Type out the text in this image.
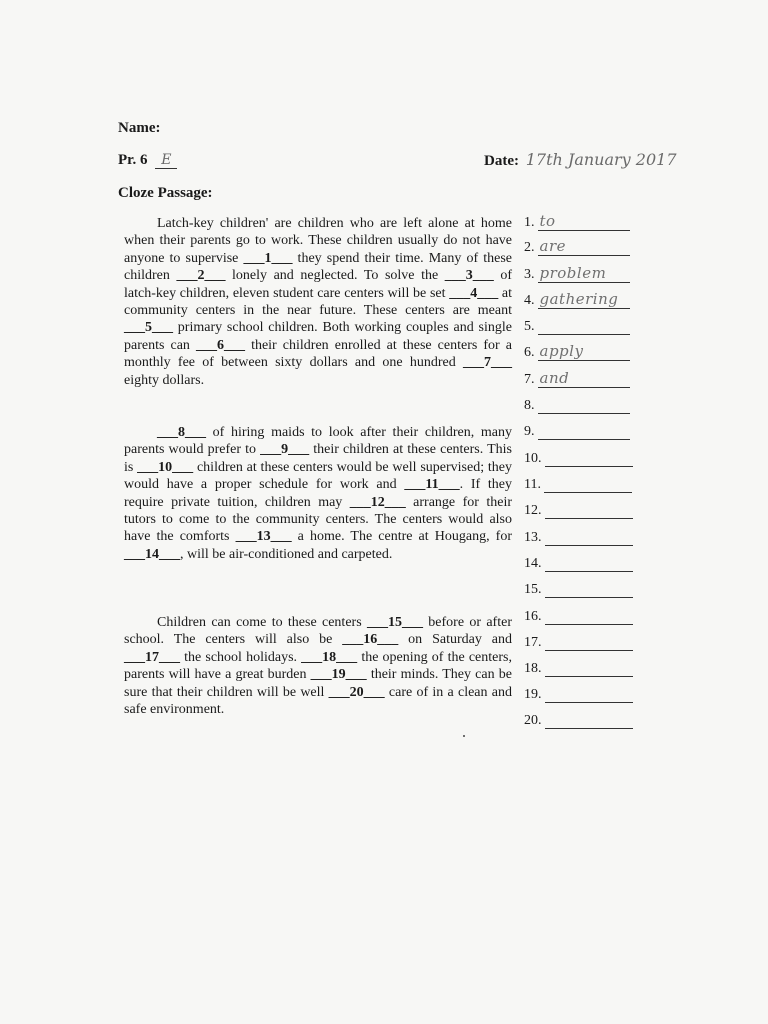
Name:
Pr. 6 E	Date: 17th January 2017
Cloze Passage:

Latch-key children' are children who are left alone at home when their parents go to work. These children usually do not have anyone to supervise ___1___ they spend their time. Many of these children ___2___ lonely and neglected. To solve the ___3___ of latch-key children, eleven student care centers will be set ___4___ at community centers in the near future. These centers are meant ___5___ primary school children. Both working couples and single parents can ___6___ their children enrolled at these centers for a monthly fee of between sixty dollars and one hundred ___7___ eighty dollars.

___8___ of hiring maids to look after their children, many parents would prefer to ___9___ their children at these centers. This is ___10___ children at these centers would be well supervised; they would have a proper schedule for work and ___11___. If they require private tuition, children may ___12___ arrange for their tutors to come to the community centers. The centers would also have the comforts ___13___ a home. The centre at Hougang, for ___14___, will be air-conditioned and carpeted.

Children can come to these centers ___15___ before or after school. The centers will also be ___16___ on Saturday and ___17___ the school holidays. ___18___ the opening of the centers, parents will have a great burden ___19___ their minds. They can be sure that their children will be well ___20___ care of in a clean and safe environment.

1. to
2. are
3. problem
4. gathering
5.
6. apply
7. and
8.
9.
10.
11.
12.
13.
14.
15.
16.
17.
18.
19.
20.
